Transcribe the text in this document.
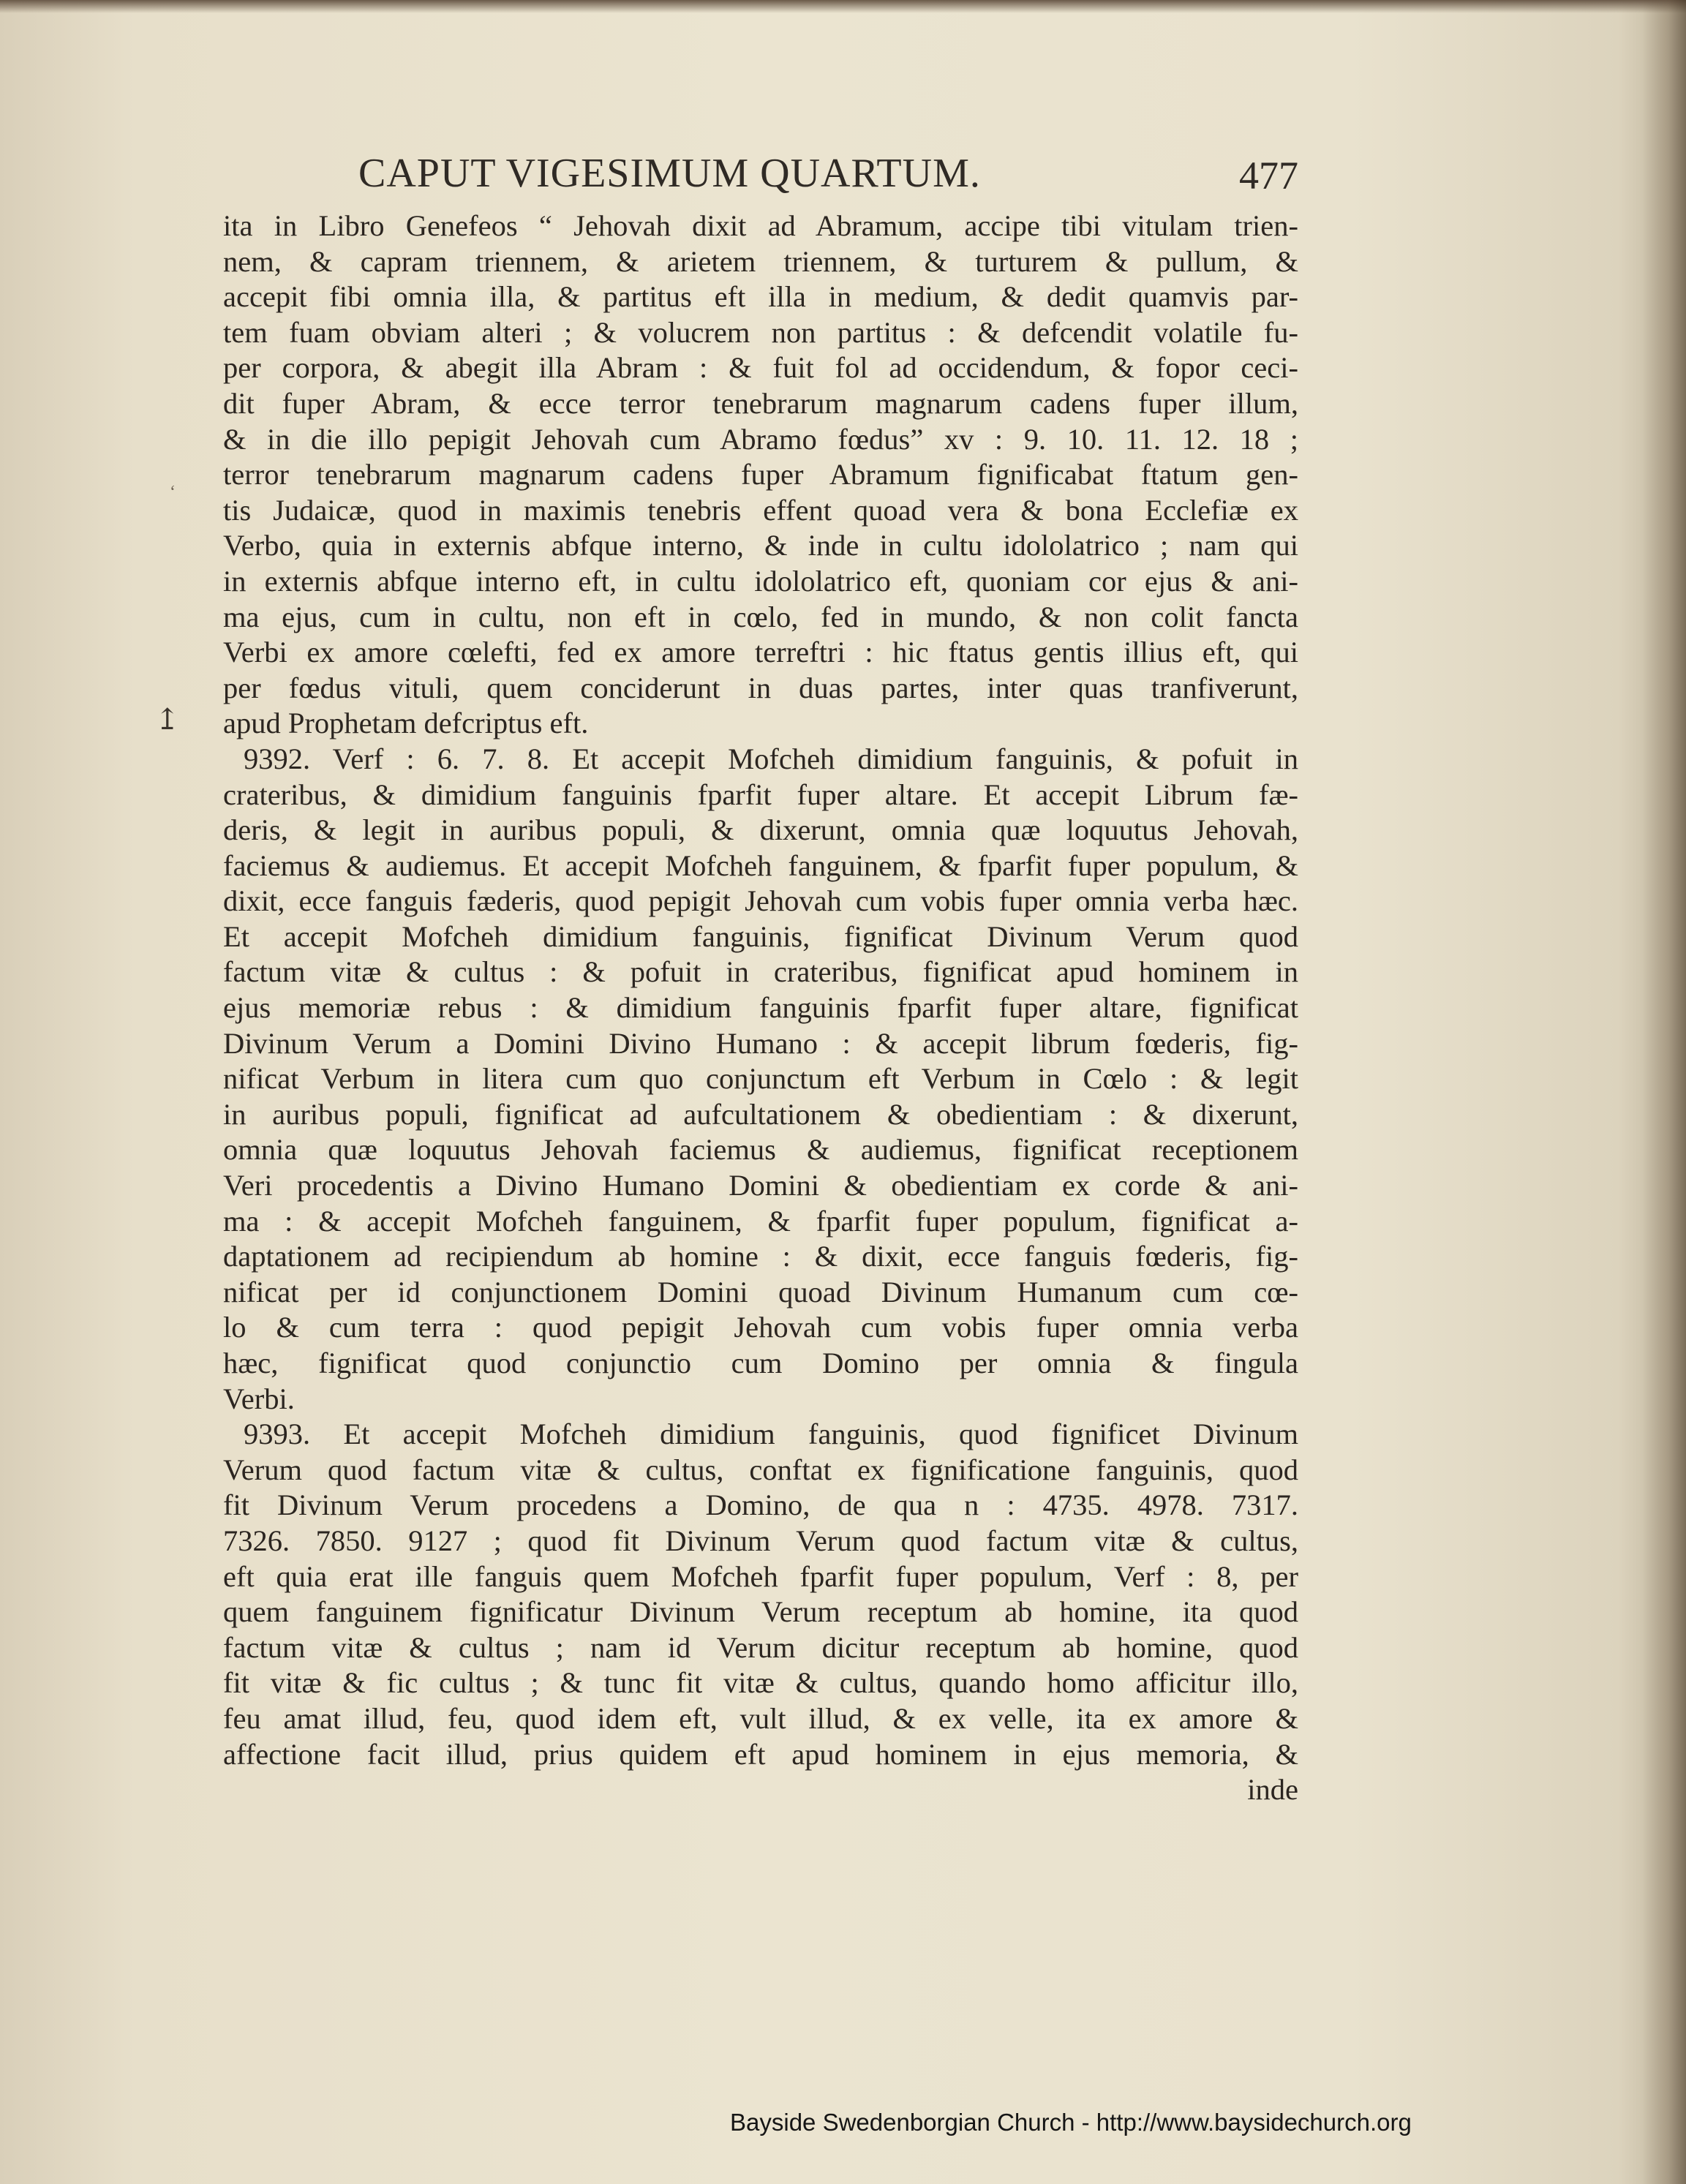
↥
‘
CAPUT VIGESIMUM QUARTUM.	477
ita in Libro Genefeos “ Jehovah dixit ad Abramum, accipe tibi vitulam trien-
nem, & capram triennem, & arietem triennem, & turturem & pullum, &
accepit fibi omnia illa, & partitus eft illa in medium, & dedit quamvis par-
tem fuam obviam alteri ; & volucrem non partitus : & defcendit volatile fu-
per corpora, & abegit illa Abram : & fuit fol ad occidendum, & fopor ceci-
dit fuper Abram, & ecce terror tenebrarum magnarum cadens fuper illum,
& in die illo pepigit Jehovah cum Abramo fœdus” xv : 9. 10. 11. 12. 18 ;
terror tenebrarum magnarum cadens fuper Abramum fignificabat ftatum gen-
tis Judaicæ, quod in maximis tenebris effent quoad vera & bona Ecclefiæ ex
Verbo, quia in externis abfque interno, & inde in cultu idololatrico ; nam qui
in externis abfque interno eft, in cultu idololatrico eft, quoniam cor ejus & ani-
ma ejus, cum in cultu, non eft in cœlo, fed in mundo, & non colit fancta
Verbi ex amore cœlefti, fed ex amore terreftri : hic ftatus gentis illius eft, qui
per fœdus vituli, quem conciderunt in duas partes, inter quas tranfiverunt,
apud Prophetam defcriptus eft.
9392. Verf : 6. 7. 8. Et accepit Mofcheh dimidium fanguinis, & pofuit in
crateribus, & dimidium fanguinis fparfit fuper altare. Et accepit Librum fæ-
deris, & legit in auribus populi, & dixerunt, omnia quæ loquutus Jehovah,
faciemus & audiemus. Et accepit Mofcheh fanguinem, & fparfit fuper populum, &
dixit, ecce fanguis fæderis, quod pepigit Jehovah cum vobis fuper omnia verba hæc.
Et accepit Mofcheh dimidium fanguinis, fignificat Divinum Verum quod
factum vitæ & cultus : & pofuit in crateribus, fignificat apud hominem in
ejus memoriæ rebus : & dimidium fanguinis fparfit fuper altare, fignificat
Divinum Verum a Domini Divino Humano : & accepit librum fœderis, fig-
nificat Verbum in litera cum quo conjunctum eft Verbum in Cœlo : & legit
in auribus populi, fignificat ad aufcultationem & obedientiam : & dixerunt,
omnia quæ loquutus Jehovah faciemus & audiemus, fignificat receptionem
Veri procedentis a Divino Humano Domini & obedientiam ex corde & ani-
ma : & accepit Mofcheh fanguinem, & fparfit fuper populum, fignificat a-
daptationem ad recipiendum ab homine : & dixit, ecce fanguis fœderis, fig-
nificat per id conjunctionem Domini quoad Divinum Humanum cum cœ-
lo & cum terra : quod pepigit Jehovah cum vobis fuper omnia verba
hæc, fignificat quod conjunctio cum Domino per omnia & fingula
Verbi.
9393. Et accepit Mofcheh dimidium fanguinis, quod fignificet Divinum
Verum quod factum vitæ & cultus, conftat ex fignificatione fanguinis, quod
fit Divinum Verum procedens a Domino, de qua n : 4735. 4978. 7317.
7326. 7850. 9127 ; quod fit Divinum Verum quod factum vitæ & cultus,
eft quia erat ille fanguis quem Mofcheh fparfit fuper populum, Verf : 8, per
quem fanguinem fignificatur Divinum Verum receptum ab homine, ita quod
factum vitæ & cultus ; nam id Verum dicitur receptum ab homine, quod
fit vitæ & fic cultus ; & tunc fit vitæ & cultus, quando homo afficitur illo,
feu amat illud, feu, quod idem eft, vult illud, & ex velle, ita ex amore &
affectione facit illud, prius quidem eft apud hominem in ejus memoria, &
inde
Bayside Swedenborgian Church - http://www.baysidechurch.org
